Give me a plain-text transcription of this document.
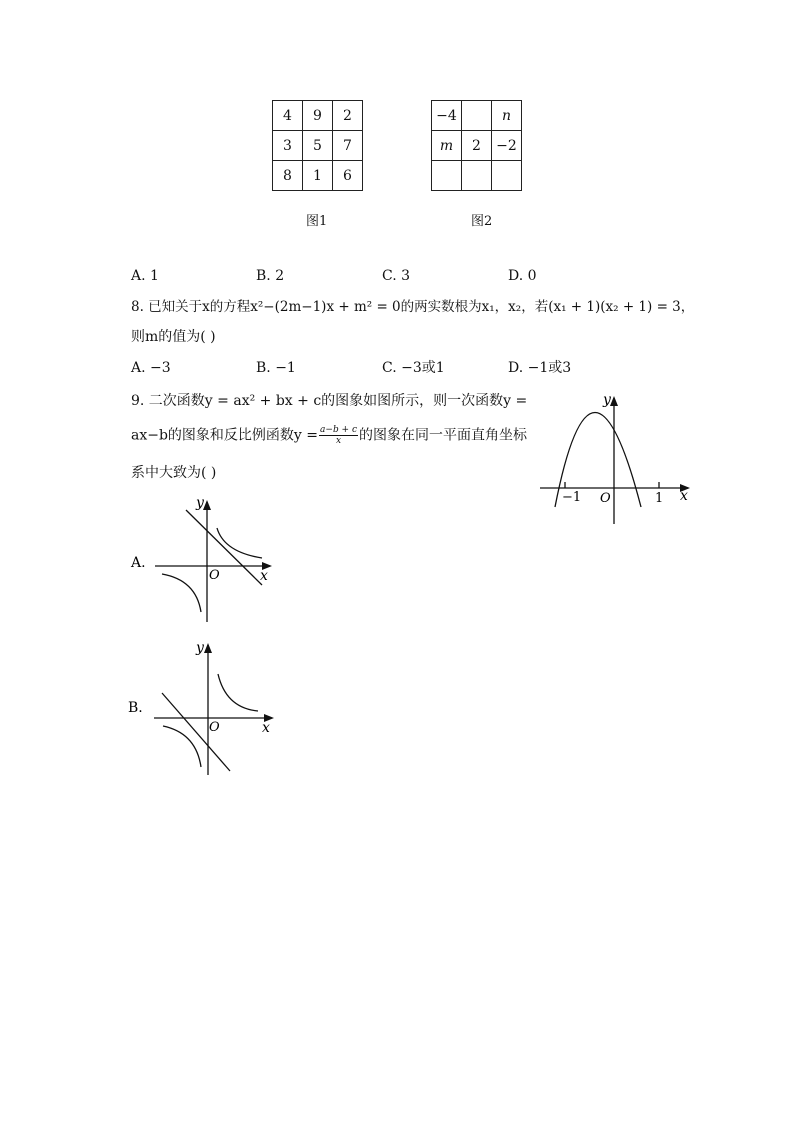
4	9	2
3	5	7
8	1	6
图1
−4		n
m	2	−2

图2
A. 1	B. 2	C. 3	D. 0
8. 已知关于x的方程x²−(2m−1)x + m² = 0的两实数根为x₁，x₂，若(x₁ + 1)(x₂ + 1) = 3，
则m的值为( )
A. −3	B. −1	C. −3或1	D. −1或3
9. 二次函数y = ax² + bx + c的图象如图所示，则一次函数y =
ax−b的图象和反比例函数$y = \frac{a-b + c}{x}$ 的图象在同一平面直角坐标
系中大致为( )
y
x
O
−1	1
A.
y
x
O
B.
y
x
O
